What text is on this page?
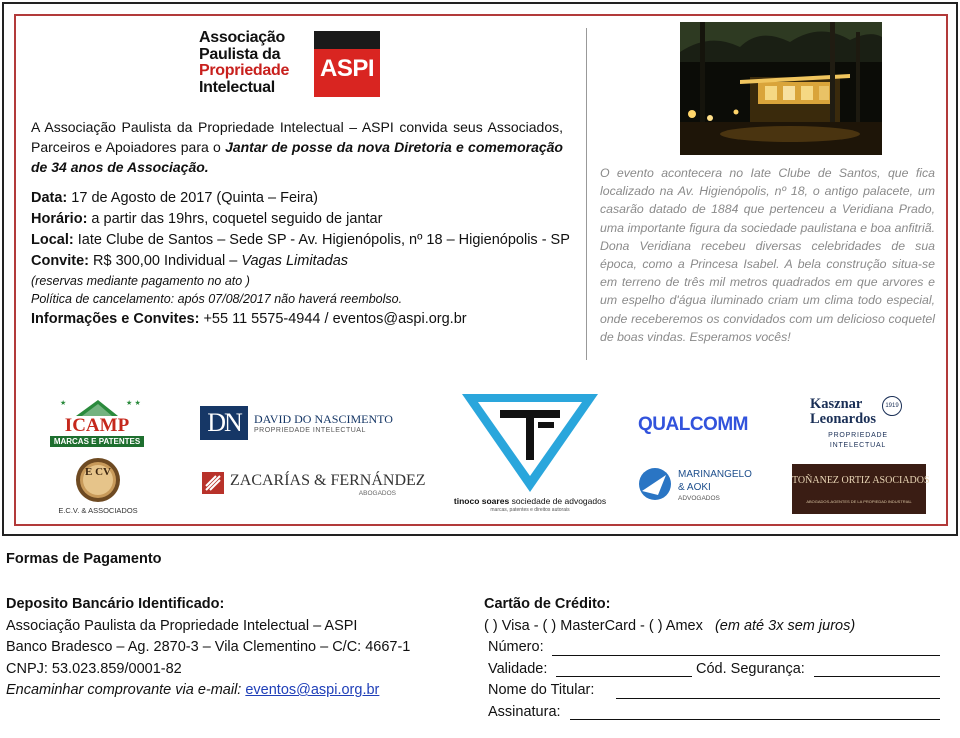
Associação
Paulista da
Propriedade
Intelectual
ASPI
A Associação Paulista da Propriedade Intelectual – ASPI convida seus Associados, Parceiros e Apoiadores para o Jantar de posse da nova Diretoria e comemoração de 34 anos de Associação.
Data: 17 de Agosto de 2017 (Quinta – Feira)
Horário: a partir das 19hrs, coquetel seguido de jantar
Local: Iate Clube de Santos – Sede SP - Av. Higienópolis, nº 18 – Higienópolis - SP
Convite: R$ 300,00 Individual – Vagas Limitadas
(reservas mediante pagamento no ato )
Política de cancelamento: após 07/08/2017 não haverá reembolso.
Informações e Convites: +55 11 5575-4944 / eventos@aspi.org.br
O evento acontecera no Iate Clube de Santos, que fica localizado na Av. Higienópolis, nº 18, o antigo palacete, um casarão datado de 1884 que pertenceu a Veridiana Prado, uma importante figura da sociedade paulistana e boa anfitriã. Dona Veridiana recebeu diversas celebridades de sua época, como a Princesa Isabel. A bela construção situa-se em terreno de três mil metros quadrados em que arvores e um espelho d'água iluminado criam um clima todo especial, onde receberemos os convidados com um delicioso coquetel de boas vindas. Esperamos vocês!
★	★ ★
ICAMP
MARCAS E PATENTES
E CV
E.C.V. & ASSOCIADOS
DN	DAVID DO NASCIMENTO
PROPRIEDADE INTELECTUAL
ZACARÍAS & FERNÁNDEZ
ABOGADOS
tinoco soares sociedade de advogados
marcas, patentes e direitos autorais
QUALCOMM
MARINANGELO
& AOKI
ADVOGADOS
Kasznar
Leonardos
1919
PROPRIEDADE
INTELECTUAL
TOÑANEZ ORTIZ ASOCIADOS
ABOGADOS-AGENTES DE LA PROPIEDAD INDUSTRIAL
Formas de Pagamento
Deposito Bancário Identificado:
Associação Paulista da Propriedade Intelectual – ASPI
Banco Bradesco – Ag. 2870-3 – Vila Clementino – C/C: 4667-1
CNPJ: 53.023.859/0001-82
Encaminhar comprovante via e-mail: eventos@aspi.org.br
Cartão de Crédito:
( ) Visa - ( ) MasterCard - ( ) Amex (em até 3x sem juros)
Número:
Validade:	Cód. Segurança:
Nome do Titular:
Assinatura:
